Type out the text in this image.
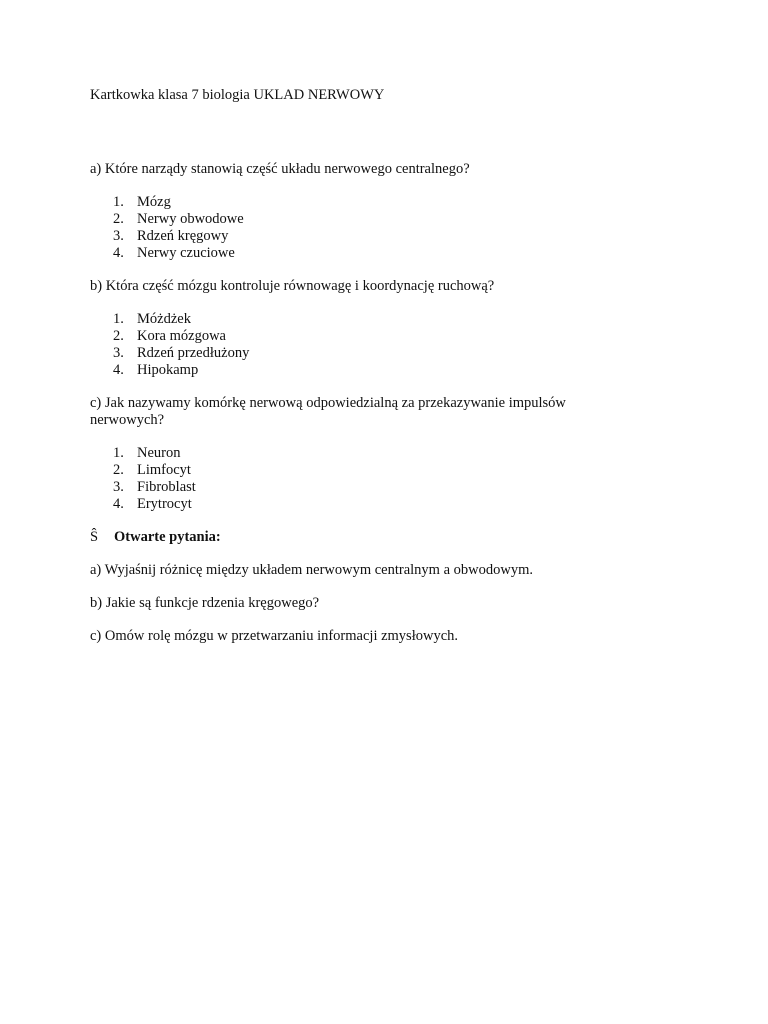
Kartkowka klasa 7 biologia UKLAD NERWOWY

a) Które narządy stanowią część układu nerwowego centralnego?

1. Mózg
2. Nerwy obwodowe
3. Rdzeń kręgowy
4. Nerwy czuciowe

b) Która część mózgu kontroluje równowagę i koordynację ruchową?

1. Móżdżek
2. Kora mózgowa
3. Rdzeń przedłużony
4. Hipokamp

c) Jak nazywamy komórkę nerwową odpowiedzialną za przekazywanie impulsów nerwowych?

1. Neuron
2. Limfocyt
3. Fibroblast
4. Erytrocyt

Ŝ Otwarte pytania:

a) Wyjaśnij różnicę między układem nerwowym centralnym a obwodowym.

b) Jakie są funkcje rdzenia kręgowego?

c) Omów rolę mózgu w przetwarzaniu informacji zmysłowych.
